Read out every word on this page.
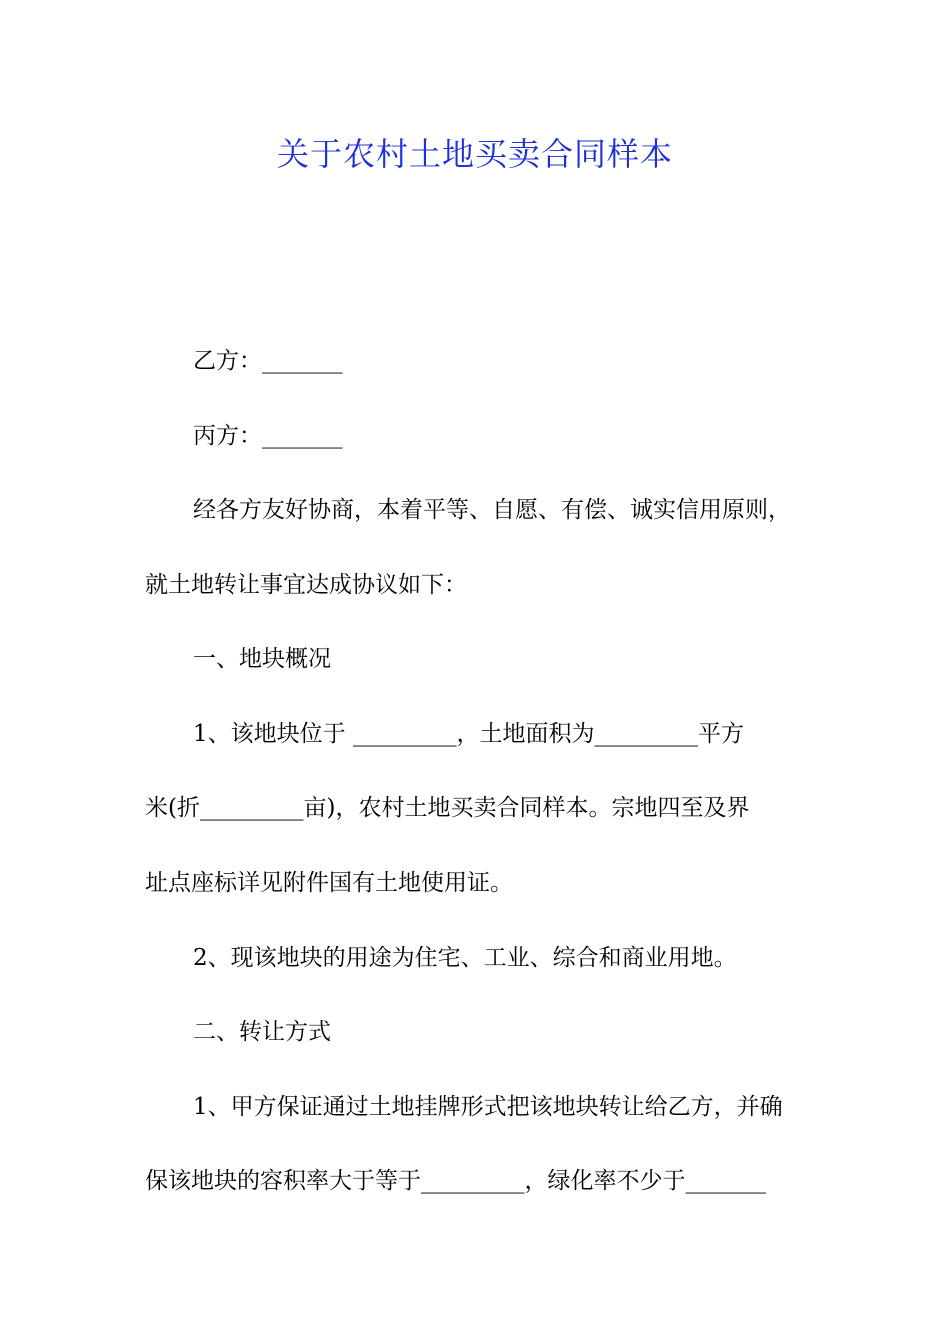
关于农村土地买卖合同样本
乙方：_______
丙方：_______
经各方友好协商，本着平等、自愿、有偿、诚实信用原则，
就土地转让事宜达成协议如下：
一、地块概况
1、该地块位于 _________，土地面积为_________平方
米(折_________亩)，农村土地买卖合同样本。宗地四至及界
址点座标详见附件国有土地使用证。
2、现该地块的用途为住宅、工业、综合和商业用地。
二、转让方式
1、甲方保证通过土地挂牌形式把该地块转让给乙方，并确
保该地块的容积率大于等于_________，绿化率不少于_______
